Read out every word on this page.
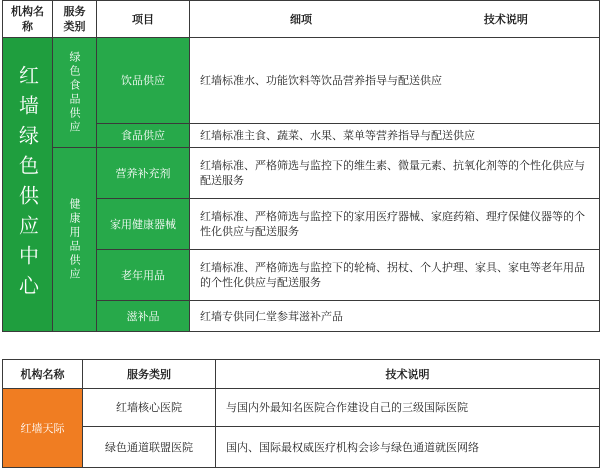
机构名称	服务类别	项目	细项 技术说明

红墙绿色供应中心	绿色食品供应	饮品供应	红墙标准水、功能饮料等饮品营养指导与配送供应
		食品供应	红墙标准主食、蔬菜、水果、菜单等营养指导与配送供应

	健康用品供应	营养补充剂	红墙标准、严格筛选与监控下的维生素、微量元素、抗氧化剂等的个性化供应与配送服务
		家用健康器械	红墙标准、严格筛选与监控下的家用医疗器械、家庭药箱、理疗保健仪器等的个性化供应与配送服务
		老年用品	红墙标准、严格筛选与监控下的轮椅、拐杖、个人护理、家具、家电等老年用品的个性化供应与配送服务
		滋补品	红墙专供同仁堂参茸滋补产品
机构名称	服务类别	技术说明
红墙天际	红墙核心医院	与国内外最知名医院合作建设自己的三级国际医院
	绿色通道联盟医院	国内、国际最权威医疗机构会诊与绿色通道就医网络
